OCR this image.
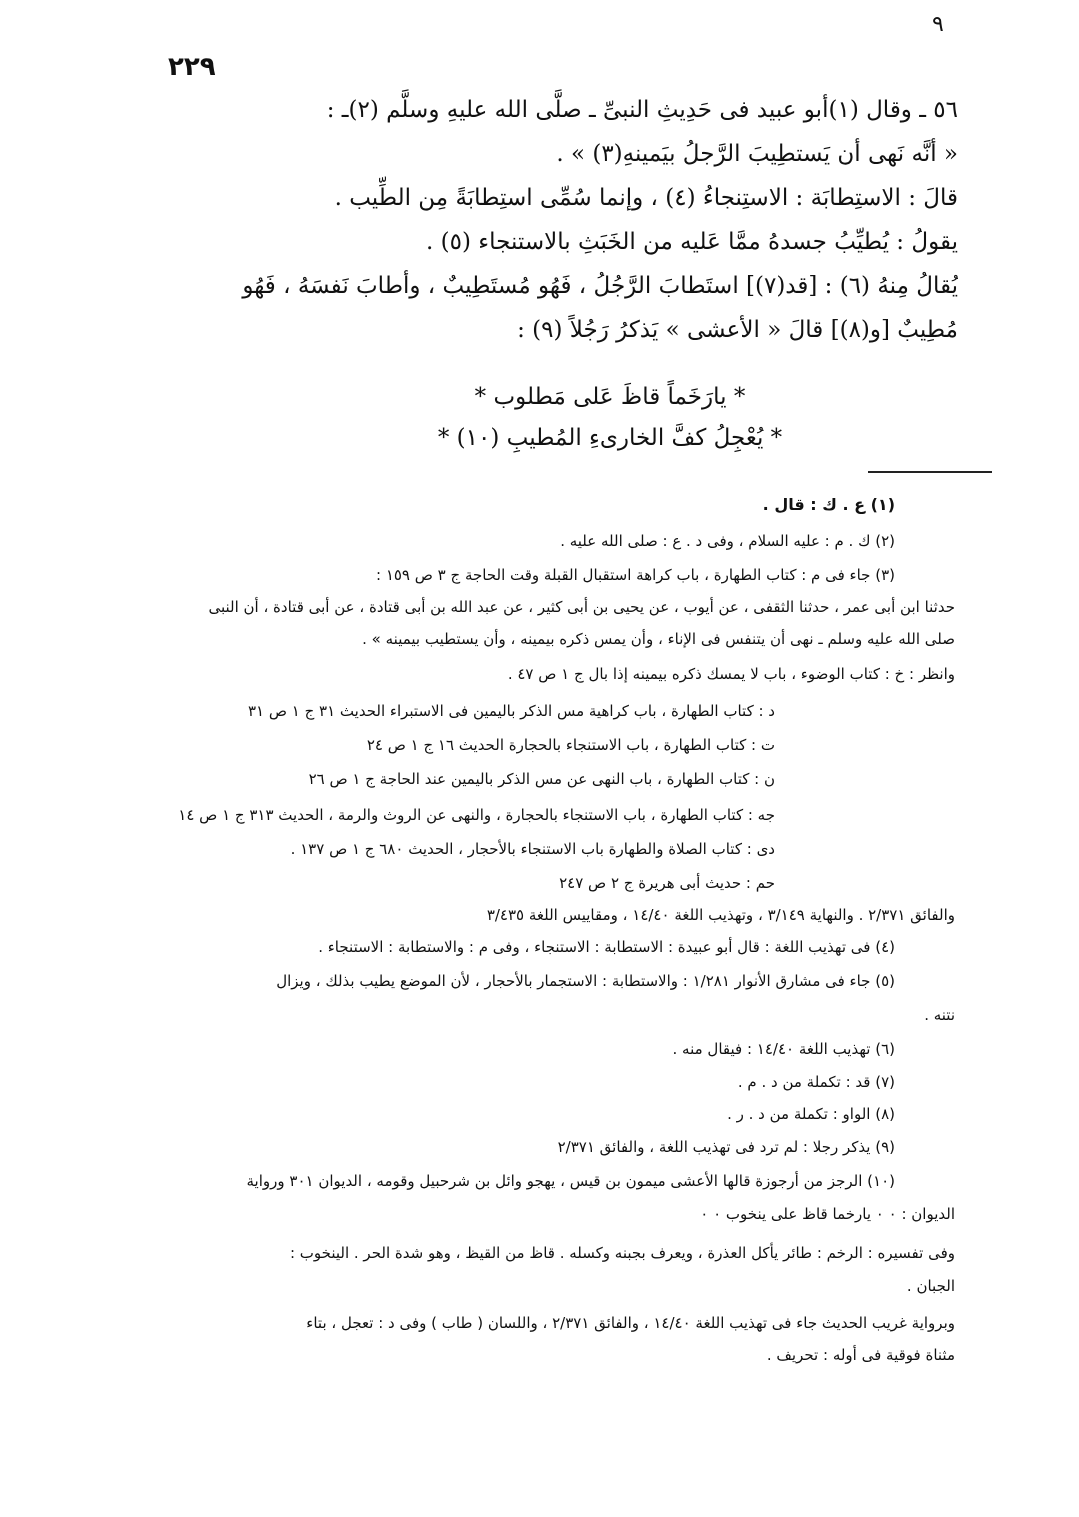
٩
٢٢٩
٥٦ ـ وقال (١)أبو عبيد فى حَدِيثِ النبىِّ ـ صلَّى الله عليهِ وسلَّم (٢)ـ :
« أنَّه نَهى أن يَستطِيبَ الرَّجلُ بيَمينهِ(٣) » .
قالَ : الاستِطابَة : الاستِنجاءُ (٤) ، وإنما سُمِّى استِطابَةً مِن الطِّيب .
يقولُ : يُطيِّبُ جسدهُ ممَّا عَليه من الخَبَثِ بالاستنجاء (٥) .
يُقالُ مِنهُ (٦) : [قد(٧)] استَطابَ الرَّجُلُ ، فَهُو مُستَطِيبٌ ، وأطابَ نَفسَهُ ، فَهُو
مُطِيبٌ [و(٨)] قالَ « الأعشى » يَذكرُ رَجُلاً (٩) :
* يارَخَماً قاظَ عَلى مَطلوب *
* يُعْجِلُ كفَّ الخارىءِ المُطيبِ (١٠) *
(١) ع . ك : قال .
(٢) ك . م : عليه السلام ، وفى د . ع : صلى الله عليه .
(٣) جاء فى م : كتاب الطهارة ، باب كراهة استقبال القبلة وقت الحاجة ج ٣ ص ١٥٩ :
حدثنا ابن أبى عمر ، حدثنا الثقفى ، عن أيوب ، عن يحيى بن أبى كثير ، عن عبد الله بن أبى قتادة ، عن أبى قتادة ، أن النبى
صلى الله عليه وسلم ـ نهى أن يتنفس فى الإناء ، وأن يمس ذكره بيمينه ، وأن يستطيب بيمينه » .
وانظر : خ : كتاب الوضوء ، باب لا يمسك ذكره بيمينه إذا بال ج ١ ص ٤٧ .
د : كتاب الطهارة ، باب كراهية مس الذكر باليمين فى الاستبراء الحديث ٣١ ج ١ ص ٣١
ت : كتاب الطهارة ، باب الاستنجاء بالحجارة الحديث ١٦ ج ١ ص ٢٤
ن : كتاب الطهارة ، باب النهى عن مس الذكر باليمين عند الحاجة ج ١ ص ٢٦
جه : كتاب الطهارة ، باب الاستنجاء بالحجارة ، والنهى عن الروث والرمة ، الحديث ٣١٣ ج ١ ص ١٤
دى : كتاب الصلاة والطهارة باب الاستنجاء بالأحجار ، الحديث ٦٨٠ ج ١ ص ١٣٧ .
حم : حديث أبى هريرة ج ٢ ص ٢٤٧
والفائق ٢/٣٧١ . والنهاية ٣/١٤٩ ، وتهذيب اللغة ١٤/٤٠ ، ومقاييس اللغة ٣/٤٣٥
(٤) فى تهذيب اللغة : قال أبو عبيدة : الاستطابة : الاستنجاء ، وفى م : والاستطابة : الاستنجاء .
(٥) جاء فى مشارق الأنوار ١/٢٨١ : والاستطابة : الاستجمار بالأحجار ، لأن الموضع يطيب بذلك ، ويزال
نتنه .
(٦) تهذيب اللغة ١٤/٤٠ : فيقال منه .
(٧) قد : تكملة من د . م .
(٨) الواو : تكملة من د . ر .
(٩) يذكر رجلا : لم ترد فى تهذيب اللغة ، والفائق ٢/٣٧١
(١٠) الرجز من أرجوزة قالها الأعشى ميمون بن قيس ، يهجو وائل بن شرحبيل وقومه ، الديوان ٣٠١ ورواية
الديوان : ٠ ٠ يارخما قاظ على ينخوب ٠ ٠
وفى تفسيره : الرخم : طائر يأكل العذرة ، ويعرف بجبنه وكسله . قاظ من القيظ ، وهو شدة الحر . الينخوب :
الجبان .
وبرواية غريب الحديث جاء فى تهذيب اللغة ١٤/٤٠ ، والفائق ٢/٣٧١ ، واللسان ( طاب ) وفى د : تعجل ، بتاء
مثناة فوقية فى أوله : تحريف .
